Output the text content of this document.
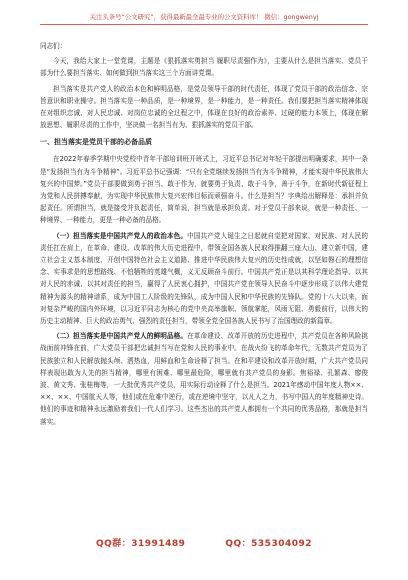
关注头条号“公文研究”，获得最新最全最专业的公文资料库！ 微信：gongwenyj

同志们：

今天，我给大家上一堂党课，主题是《狠抓落实勇担当 履职尽责强作为》，主要从什么是担当落实、党员干部为什么要担当落实、如何做到担当落实这三个方面讲党课。

担当落实是共产党人的政治本色和鲜明品格，是党员领导干部的时代责任，体现了党员干部的政治信念、宗旨意识和职业操守。担当落实是一种品质，是一种境界，是一种能力，是一种责任。我们要把担当落实精神体现在对组织忠诚、对人民忠诚、对岗位忠诚的全过程之中，体现在良好的政治素养、过硬的能力本领上，体现在解放思想、履职尽责的工作中，坚决做一名担当有为、狠抓落实的党员干部。

一、担当落实是党员干部的必备品质

在2022年春季学期中央党校中青年干部培训班开班式上，习近平总书记对年轻干部提出明确要求，其中一条是“发扬担当有为斗争精神”。习近平总书记强调：“只有全党继续发扬担当有为斗争精神，才能实现中华民族伟大复兴的中国梦。”党员干部要做到勇于担当、敢于作为，就要勇于负责、敢于斗争，善于斗争，在新时代新征程上为党和人民拼搏奉献，为实现中华民族伟大复兴宏伟目标而顽强奋斗。什么是担当？字典给出解释是：承担并负起责任。所谓担当，就是接受并负起责任，简单说，担当就是承担负责。对于党员干部来说，就是一种责任、一种境界、一种能力，更是一种必备的品格。

（一）担当落实是中国共产党人的政治本色。中国共产党人诞生之日起就自觉把对国家、对民族、对人民的责任扛在肩上，在革命、建设、改革的伟大历史进程中，带领全国各族人民取得推翻三座大山、建立新中国，建立社会主义基本制度、开创中国特色社会主义道路、推进中华民族伟大复兴的历史性成就，以坚如磐石的理想信念、实事求是的思想路线、不怕牺牲的英雄气概，义无反顾奋斗前行。中国共产党正是以其科学理论指导、以其对人民的赤诚、以其对责任的担当，赢得了人民衷心拥护，中国共产党在领导人民奋斗中逐步形成了以伟大建党精神为源头的精神谱系，成为中国工人阶级的先锋队，成为中国人民和中华民族的先锋队。党的十八大以来，面对复杂严峻的国内外环境，以习近平同志为核心的党中央高举旗帜、领航掌舵，风雨无阻、勇毅前行，以伟大的历史主动精神、巨大的政治勇气、强烈的责任担当，带领全党全国各族人民书写了治国理政的新篇章。

（二）担当落实是中国共产党人的鲜明品格。在革命建设、改革开放的历史进程中，共产党员在各种风险挑战面前冲锋在前，广大党员干部把忠诚担当写在党和人民的事业中。在战火纷飞的革命年代，无数共产党员为了民族独立和人民解放抛头颅、洒热血，用鲜血和生命诠释了担当。在和平建设和改革开放时期，广大共产党员同样表现出敢为人先的担当精神，哪里有困难、哪里最危险，哪里就有共产党员的身影。焦裕禄、孔繁森、廖俊波、黄文秀、张桂梅等，一大批优秀共产党员，用实际行动诠释了什么是担当。2021年感动中国年度人物××、××、××、中国航天人等，他们或在危难中逆行，或在逆境中坚守，以凡人之力，书写中国人的年度精神史诗。他们的事迹和精神永远激励着我们一代人们学习。这些杰出的共产党人都拥有一个共同的优秀品格，那就是担当落实。

QQ群：31991489	QQ：535304092
